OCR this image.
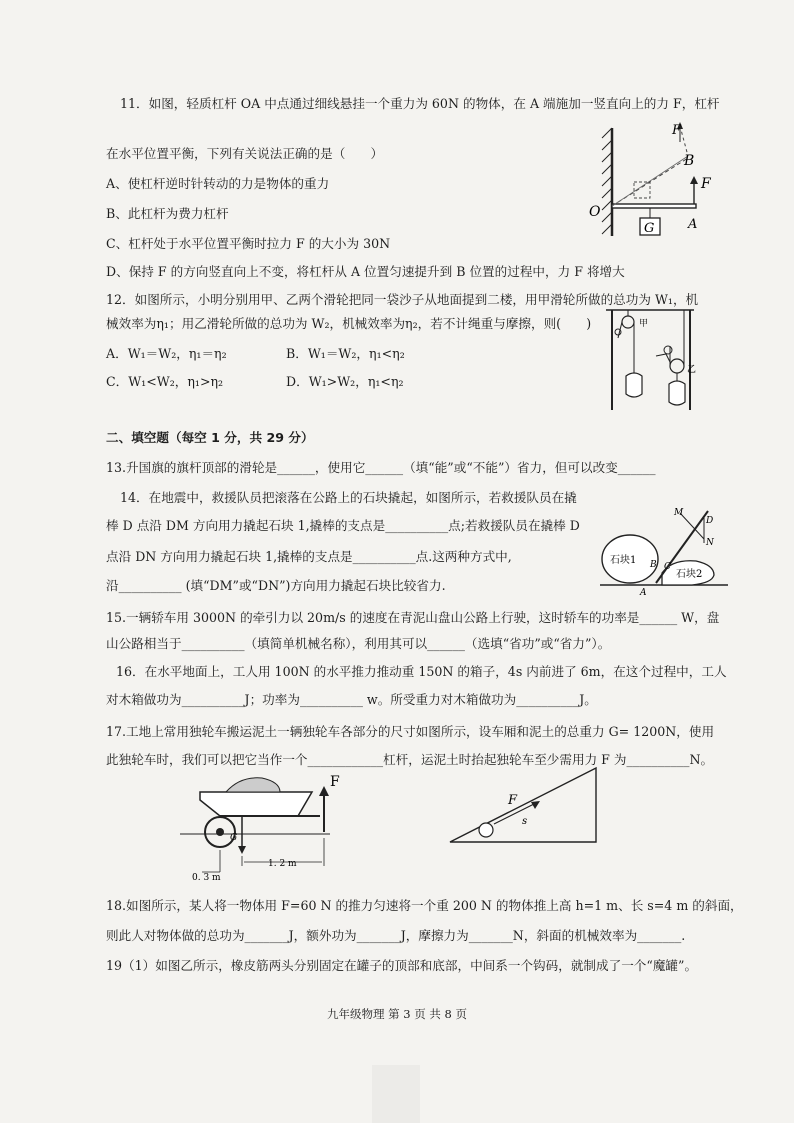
11．如图，轻质杠杆 OA 中点通过细线悬挂一个重力为 60N 的物体，在 A 端施加一竖直向上的力 F，杠杆
在水平位置平衡，下列有关说法正确的是（　　）
A、使杠杆逆时针转动的力是物体的重力
B、此杠杆为费力杠杆
C、杠杆处于水平位置平衡时拉力 F 的大小为 30N
D、保持 F 的方向竖直向上不变，将杠杆从 A 位置匀速提升到 B 位置的过程中，力 F 将增大
F
B
F
O
G	A
12．如图所示，小明分别用甲、乙两个滑轮把同一袋沙子从地面提到二楼，用甲滑轮所做的总功为 W₁，机
械效率为η₁；用乙滑轮所做的总功为 W₂，机械效率为η₂，若不计绳重与摩擦，则(　　)
A．W₁＝W₂，η₁＝η₂	B．W₁＝W₂，η₁<η₂
C．W₁<W₂，η₁>η₂	D．W₁>W₂，η₁<η₂
甲
乙
二、填空题（每空 1 分，共 29 分）
13.升国旗的旗杆顶部的滑轮是______，使用它______（填“能”或“不能”）省力，但可以改变______
14．在地震中，救援队员把滚落在公路上的石块撬起，如图所示，若救援队员在撬
棒 D 点沿 DM 方向用力撬起石块 1,撬棒的支点是__________点;若救援队员在撬棒 D
点沿 DN 方向用力撬起石块 1,撬棒的支点是__________点.这两种方式中,
沿__________ (填“DM”或“DN”)方向用力撬起石块比较省力.
M
D
N
石块1 B C
石块2
A
15.一辆轿车用 3000N 的牵引力以 20m/s 的速度在青泥山盘山公路上行驶，这时轿车的功率是______ W，盘
山公路相当于__________（填简单机械名称），利用其可以______（选填“省功”或“省力”）。
16．在水平地面上，工人用 100N 的水平推力推动重 150N 的箱子，4s 内前进了 6m，在这个过程中，工人
对木箱做功为__________J；功率为__________ w。所受重力对木箱做功为__________J。
17.工地上常用独轮车搬运泥土一辆独轮车各部分的尺寸如图所示，设车厢和泥土的总重力 G= 1200N，使用
此独轮车时，我们可以把它当作一个____________杠杆，运泥土时抬起独轮车至少需用力 F 为__________N。
F
G
1. 2 m
0. 3 m
F
s
18.如图所示，某人将一物体用 F=60 N 的推力匀速将一个重 200 N 的物体推上高 h=1 m、长 s=4 m 的斜面，
则此人对物体做的总功为_______J，额外功为_______J，摩擦力为_______N，斜面的机械效率为_______.
19（1）如图乙所示，橡皮筋两头分别固定在罐子的顶部和底部，中间系一个钩码，就制成了一个“魔罐”。
九年级物理 第 3 页 共 8 页
